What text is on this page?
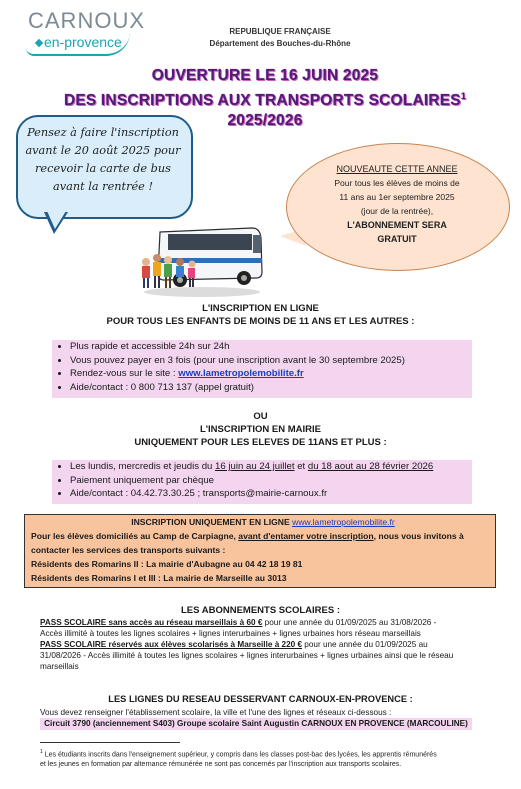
CARNOUX
en-provence
REPUBLIQUE FRANÇAISE
Département des Bouches-du-Rhône
OUVERTURE LE 16 JUIN 2025
DES INSCRIPTIONS AUX TRANSPORTS SCOLAIRES$^1$
2025/2026
Pensez à faire l'inscription
avant le 20 août 2025 pour
recevoir la carte de bus
avant la rentrée !
NOUVEAUTE CETTE ANNEE
Pour tous les élèves de moins de
11 ans au 1er septembre 2025
(jour de la rentrée),
L'ABONNEMENT SERA
GRATUIT
L'INSCRIPTION EN LIGNE
POUR TOUS LES ENFANTS DE MOINS DE 11 ANS ET LES AUTRES :
• Plus rapide et accessible 24h sur 24h
• Vous pouvez payer en 3 fois (pour une inscription avant le 30 septembre 2025)
• Rendez-vous sur le site : www.lametropolemobilite.fr
• Aide/contact : 0 800 713 137 (appel gratuit)
OU
L'INSCRIPTION EN MAIRIE
UNIQUEMENT POUR LES ELEVES DE 11ANS ET PLUS :
• Les lundis, mercredis et jeudis du 16 juin au 24 juillet et du 18 aout au 28 février 2026
• Paiement uniquement par chèque
• Aide/contact : 04.42.73.30.25 ; transports@mairie-carnoux.fr
INSCRIPTION UNIQUEMENT EN LIGNE www.lametropolemobilite.fr
Pour les élèves domiciliés au Camp de Carpiagne, avant d'entamer votre inscription, nous vous invitons à
contacter les services des transports suivants :
Résidents des Romarins II : La mairie d'Aubagne au 04 42 18 19 81
Résidents des Romarins I et III : La mairie de Marseille au 3013
LES ABONNEMENTS SCOLAIRES :
PASS SCOLAIRE sans accès au réseau marseillais à 60 € pour une année du 01/09/2025 au 31/08/2026 -
Accès illimité à toutes les lignes scolaires + lignes interurbaines + lignes urbaines hors réseau marseillais
PASS SCOLAIRE réservés aux élèves scolarisés à Marseille à 220 € pour une année du 01/09/2025 au
31/08/2026 - Accès illimité à toutes les lignes scolaires + lignes interurbaines + lignes urbaines ainsi que le réseau
marseillais
LES LIGNES DU RESEAU DESSERVANT CARNOUX-EN-PROVENCE :
Vous devez renseigner l'établissement scolaire, la ville et l'une des lignes et réseaux ci-dessous :
Circuit 3790 (anciennement S403) Groupe scolaire Saint Augustin CARNOUX EN PROVENCE (MARCOULINE)
$^1$ Les étudiants inscrits dans l'enseignement supérieur, y compris dans les classes post-bac des lycées, les apprentis rémunérés
et les jeunes en formation par alternance rémunérée ne sont pas concernés par l'inscription aux transports scolaires.
